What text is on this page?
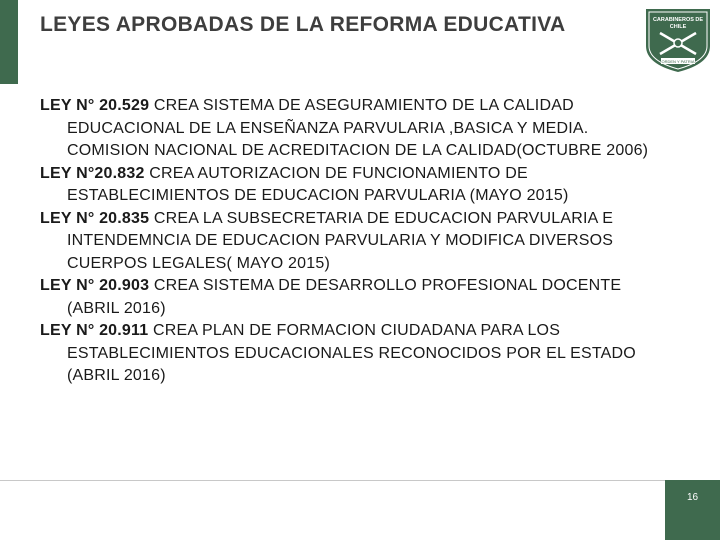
LEYES APROBADAS DE LA REFORMA EDUCATIVA	CARABINEROS DE
CHILE
ORDEN Y PATRIA
LEY N° 20.529 CREA SISTEMA DE ASEGURAMIENTO DE LA CALIDAD EDUCACIONAL DE LA ENSEÑANZA PARVULARIA ,BASICA Y MEDIA. COMISION NACIONAL DE ACREDITACION DE LA CALIDAD(OCTUBRE 2006)
LEY N°20.832 CREA AUTORIZACION DE FUNCIONAMIENTO DE ESTABLECIMIENTOS DE EDUCACION PARVULARIA (MAYO 2015)
LEY N° 20.835 CREA LA SUBSECRETARIA DE EDUCACION PARVULARIA E INTENDEMNCIA DE EDUCACION PARVULARIA Y MODIFICA DIVERSOS CUERPOS LEGALES( MAYO 2015)
LEY N° 20.903 CREA SISTEMA DE DESARROLLO PROFESIONAL DOCENTE (ABRIL 2016)
LEY N° 20.911 CREA PLAN DE FORMACION CIUDADANA PARA LOS ESTABLECIMIENTOS EDUCACIONALES RECONOCIDOS POR EL ESTADO (ABRIL 2016)
16
